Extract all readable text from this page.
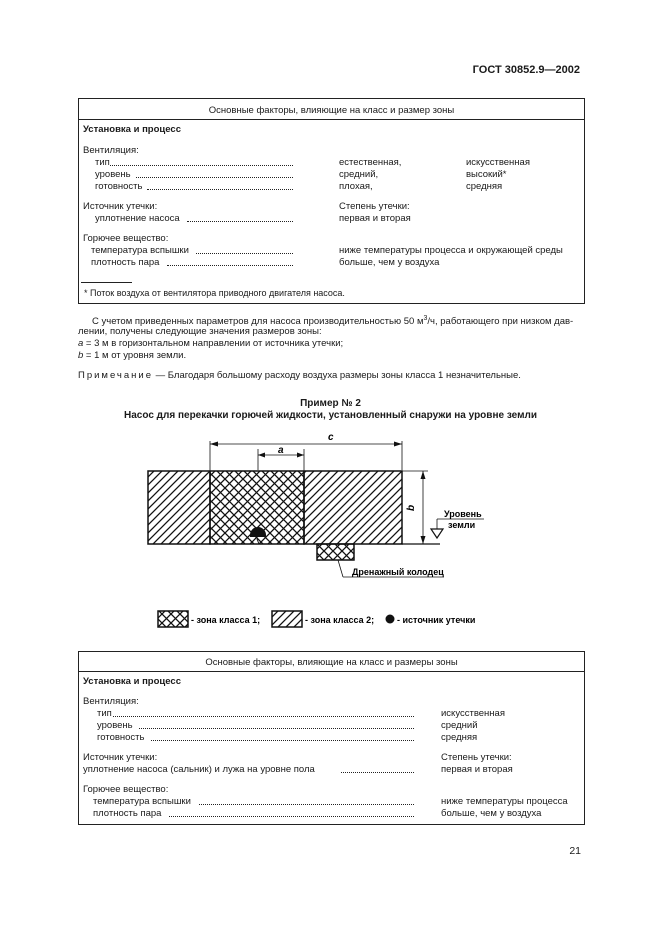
ГОСТ 30852.9—2002
Основные факторы, влияющие на класс и размер зоны
Установка и процесс
Вентиляция:
тип	естественная,	искусственная
уровень	средний,	высокий*
готовность	плохая,	средняя
Источник утечки:	Степень утечки:
уплотнение насоса	первая и вторая
Горючее вещество:
температура вспышки	ниже температуры процесса и окружающей среды
плотность пара	больше, чем у воздуха
* Поток воздуха от вентилятора приводного двигателя насоса.
С учетом приведенных параметров для насоса производительностью 50 $м^3/ч$, работающего при низком дав-
лении, получены следующие значения размеров зоны:
a = 3 м в горизонтальном направлении от источника утечки;
b = 1 м от уровня земли.
Примечание — Благодаря большому расходу воздуха размеры зоны класса 1 незначительные.
Пример № 2
Насос для перекачки горючей жидкости, установленный снаружи на уровне земли
c
a
b
Уровень
земли
Дренажный колодец
- зона класса 1;	- зона класса 2;	- источник утечки
Основные факторы, влияющие на класс и размеры зоны
Установка и процесс
Вентиляция:
тип	искусственная
уровень	средний
готовность	средняя
Источник утечки:	Степень утечки:
уплотнение насоса (сальник) и лужа на уровне пола	первая и вторая
Горючее вещество:
температура вспышки	ниже температуры процесса
плотность пара	больше, чем у воздуха
21
